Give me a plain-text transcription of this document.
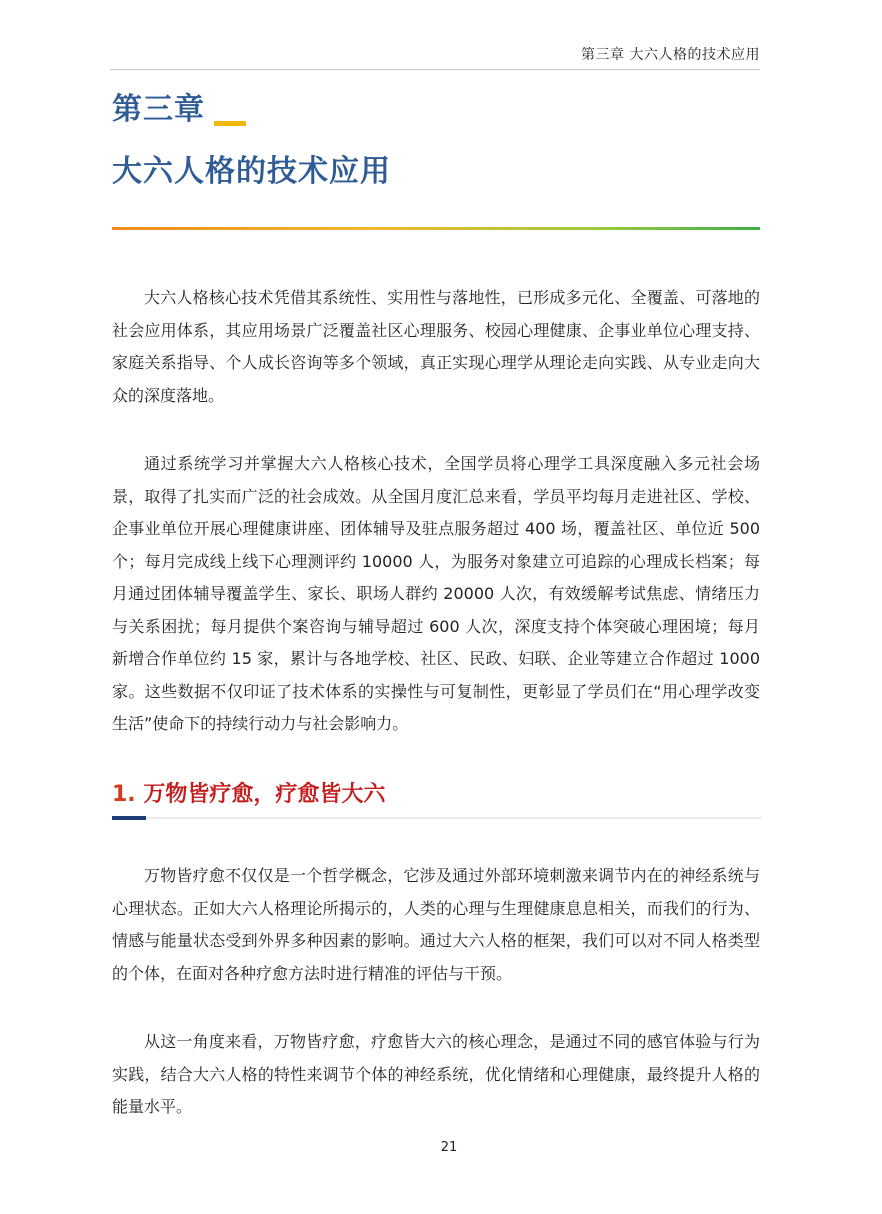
第三章 大六人格的技术应用
第三章
大六人格的技术应用

大六人格核心技术凭借其系统性、实用性与落地性，已形成多元化、全覆盖、可落地的社会应用体系，其应用场景广泛覆盖社区心理服务、校园心理健康、企事业单位心理支持、家庭关系指导、个人成长咨询等多个领域，真正实现心理学从理论走向实践、从专业走向大众的深度落地。

通过系统学习并掌握大六人格核心技术，全国学员将心理学工具深度融入多元社会场景，取得了扎实而广泛的社会成效。从全国月度汇总来看，学员平均每月走进社区、学校、企事业单位开展心理健康讲座、团体辅导及驻点服务超过 400 场，覆盖社区、单位近 500 个；每月完成线上线下心理测评约 10000 人，为服务对象建立可追踪的心理成长档案；每月通过团体辅导覆盖学生、家长、职场人群约 20000 人次，有效缓解考试焦虑、情绪压力与关系困扰；每月提供个案咨询与辅导超过 600 人次，深度支持个体突破心理困境；每月新增合作单位约 15 家，累计与各地学校、社区、民政、妇联、企业等建立合作超过 1000 家。这些数据不仅印证了技术体系的实操性与可复制性，更彰显了学员们在“用心理学改变生活”使命下的持续行动力与社会影响力。

1. 万物皆疗愈，疗愈皆大六

万物皆疗愈不仅仅是一个哲学概念，它涉及通过外部环境刺激来调节内在的神经系统与心理状态。正如大六人格理论所揭示的，人类的心理与生理健康息息相关，而我们的行为、情感与能量状态受到外界多种因素的影响。通过大六人格的框架，我们可以对不同人格类型的个体，在面对各种疗愈方法时进行精准的评估与干预。

从这一角度来看，万物皆疗愈，疗愈皆大六的核心理念，是通过不同的感官体验与行为实践，结合大六人格的特性来调节个体的神经系统，优化情绪和心理健康，最终提升人格的能量水平。

21
